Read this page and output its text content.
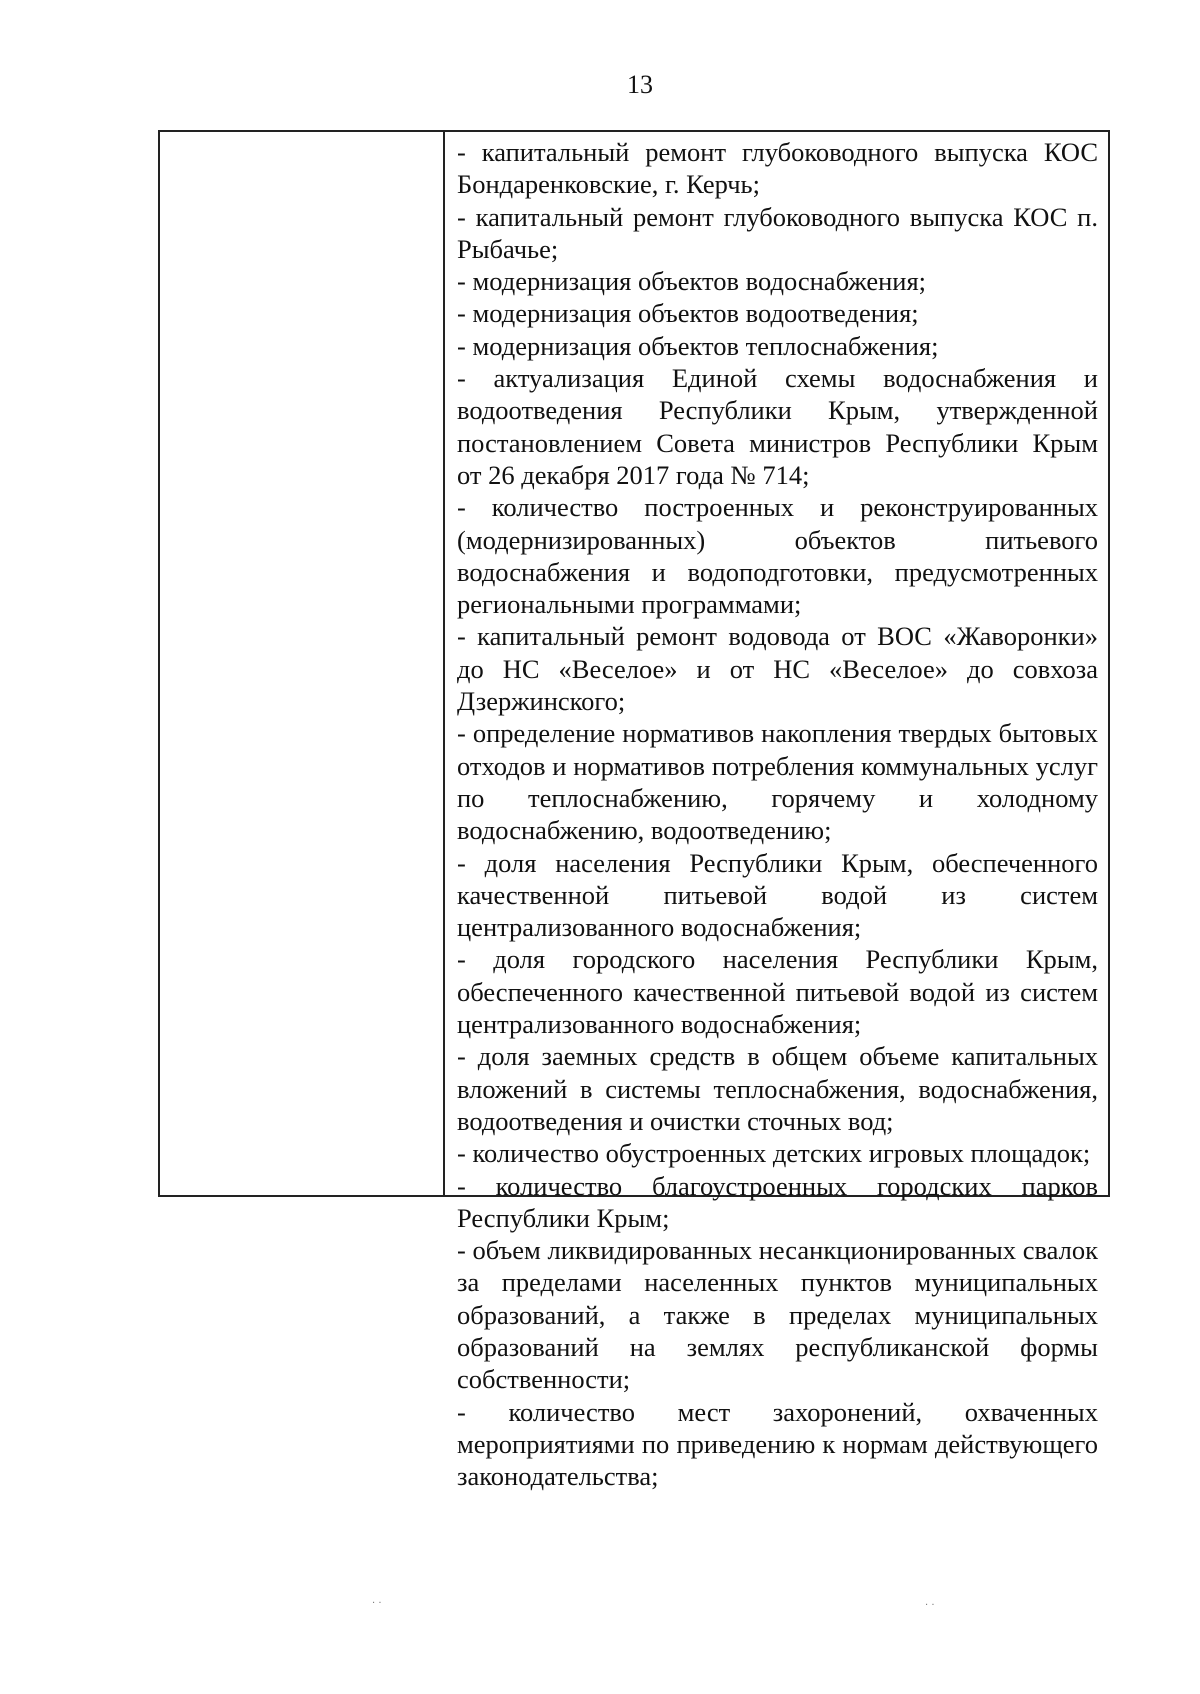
13

- капитальный ремонт глубоководного выпуска КОС Бондаренковские, г. Керчь;

- капитальный ремонт глубоководного выпуска КОС п. Рыбачье;

- модернизация объектов водоснабжения;

- модернизация объектов водоотведения;

- модернизация объектов теплоснабжения;

- актуализация Единой схемы водоснабжения и водоотведения Республики Крым, утвержденной постановлением Совета министров Республики Крым от 26 декабря 2017 года № 714;

- количество построенных и реконструированных (модернизированных) объектов питьевого водоснабжения и водоподготовки, предусмотренных региональными программами;

- капитальный ремонт водовода от ВОС «Жаворонки» до НС «Веселое» и от НС «Веселое» до совхоза Дзержинского;

- определение нормативов накопления твердых бытовых отходов и нормативов потребления коммунальных услуг по теплоснабжению, горячему и холодному водоснабжению, водоотведению;

- доля населения Республики Крым, обеспеченного качественной питьевой водой из систем централизованного водоснабжения;

- доля городского населения Республики Крым, обеспеченного качественной питьевой водой из систем централизованного водоснабжения;

- доля заемных средств в общем объеме капитальных вложений в системы теплоснабжения, водоснабжения, водоотведения и очистки сточных вод;

- количество обустроенных детских игровых площадок;

- количество благоустроенных городских парков Республики Крым;

- объем ликвидированных несанкционированных свалок за пределами населенных пунктов муниципальных образований, а также в пределах муниципальных образований на землях республиканской формы собственности;

- количество мест захоронений, охваченных мероприятиями по приведению к нормам действующего законодательства;

· ·	· ·
